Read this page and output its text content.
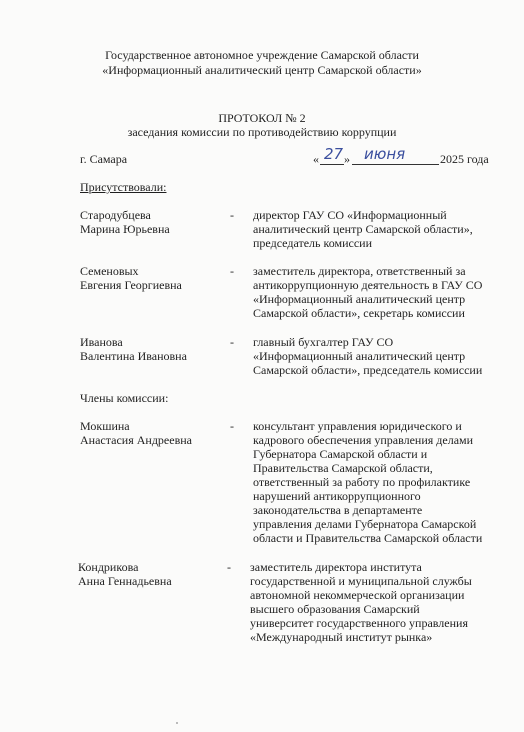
Государственное автономное учреждение Самарской области
«Информационный аналитический центр Самарской области»
ПРОТОКОЛ № 2
заседания комиссии по противодействию коррупции
г. Самара	« 27 » июня	2025 года
Присутствовали:
Стародубцева
Марина Юрьевна
- директор ГАУ СО «Информационный
аналитический центр Самарской области»,
председатель комиссии
Семеновых
Евгения Георгиевна
- заместитель директора, ответственный за
антикоррупционную деятельность в ГАУ СО
«Информационный аналитический центр
Самарской области», секретарь комиссии
Иванова
Валентина Ивановна
- главный бухгалтер ГАУ СО
«Информационный аналитический центр
Самарской области», председатель комиссии
Члены комиссии:
Мокшина
Анастасия Андреевна
- консультант управления юридического и
кадрового обеспечения управления делами
Губернатора Самарской области и
Правительства Самарской области,
ответственный за работу по профилактике
нарушений антикоррупционного
законодательства в департаменте
управления делами Губернатора Самарской
области и Правительства Самарской области
Кондрикова
Анна Геннадьевна
- заместитель директора института
государственной и муниципальной службы
автономной некоммерческой организации
высшего образования Самарский
университет государственного управления
«Международный институт рынка»
